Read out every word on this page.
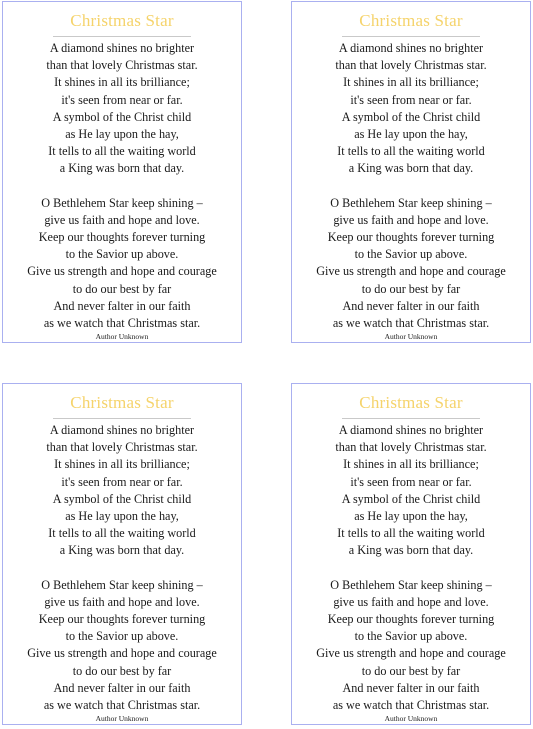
Christmas Star
A diamond shines no brighter
than that lovely Christmas star.
It shines in all its brilliance;
it's seen from near or far.
A symbol of the Christ child
as He lay upon the hay,
It tells to all the waiting world
a King was born that day.
O Bethlehem Star keep shining –
give us faith and hope and love.
Keep our thoughts forever turning
to the Savior up above.
Give us strength and hope and courage
to do our best by far
And never falter in our faith
as we watch that Christmas star.
Author Unknown
Christmas Star
A diamond shines no brighter
than that lovely Christmas star.
It shines in all its brilliance;
it's seen from near or far.
A symbol of the Christ child
as He lay upon the hay,
It tells to all the waiting world
a King was born that day.
O Bethlehem Star keep shining –
give us faith and hope and love.
Keep our thoughts forever turning
to the Savior up above.
Give us strength and hope and courage
to do our best by far
And never falter in our faith
as we watch that Christmas star.
Author Unknown
Christmas Star
A diamond shines no brighter
than that lovely Christmas star.
It shines in all its brilliance;
it's seen from near or far.
A symbol of the Christ child
as He lay upon the hay,
It tells to all the waiting world
a King was born that day.
O Bethlehem Star keep shining –
give us faith and hope and love.
Keep our thoughts forever turning
to the Savior up above.
Give us strength and hope and courage
to do our best by far
And never falter in our faith
as we watch that Christmas star.
Author Unknown
Christmas Star
A diamond shines no brighter
than that lovely Christmas star.
It shines in all its brilliance;
it's seen from near or far.
A symbol of the Christ child
as He lay upon the hay,
It tells to all the waiting world
a King was born that day.
O Bethlehem Star keep shining –
give us faith and hope and love.
Keep our thoughts forever turning
to the Savior up above.
Give us strength and hope and courage
to do our best by far
And never falter in our faith
as we watch that Christmas star.
Author Unknown
